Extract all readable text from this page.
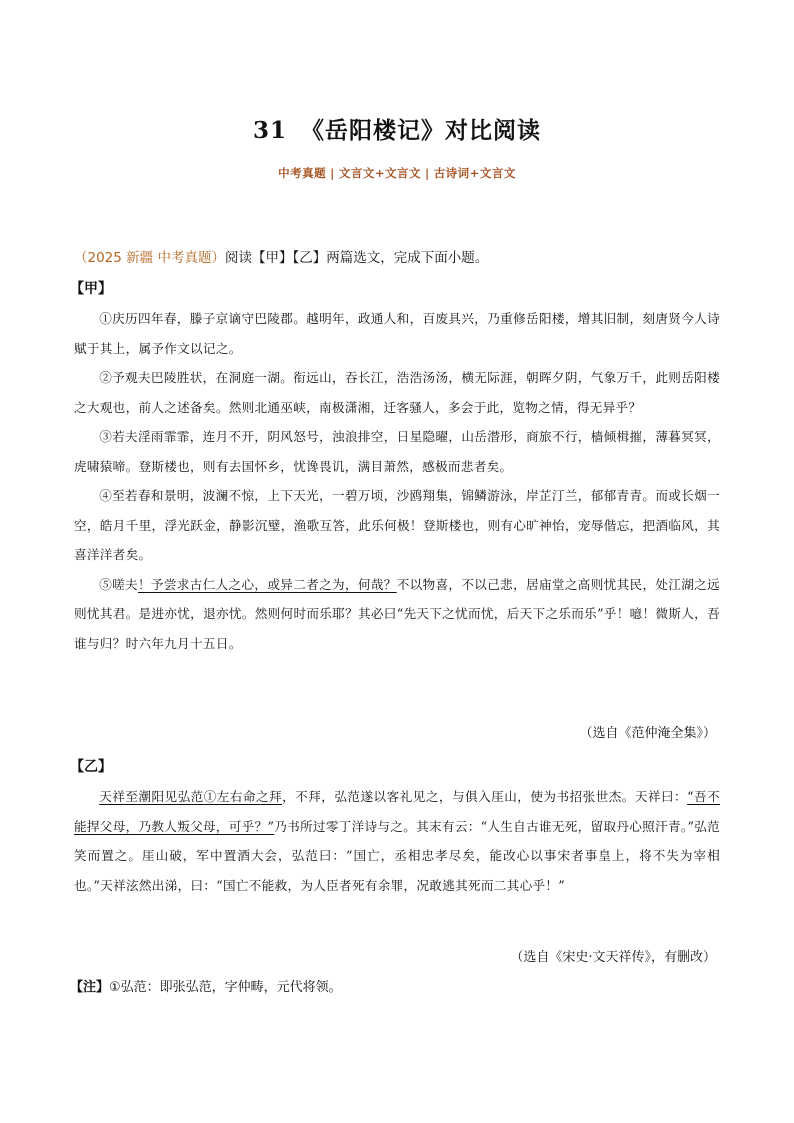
31 《岳阳楼记》对比阅读
中考真题 | 文言文+文言文 | 古诗词+文言文
（2025 新疆 中考真题）阅读【甲】【乙】两篇选文，完成下面小题。
【甲】

①庆历四年春，滕子京谪守巴陵郡。越明年，政通人和，百废具兴，乃重修岳阳楼，增其旧制，刻唐贤今人诗赋于其上，属予作文以记之。

②予观夫巴陵胜状，在洞庭一湖。衔远山，吞长江，浩浩汤汤，横无际涯，朝晖夕阴，气象万千，此则岳阳楼之大观也，前人之述备矣。然则北通巫峡，南极潇湘，迁客骚人，多会于此，览物之情，得无异乎？

③若夫淫雨霏霏，连月不开，阴风怒号，浊浪排空，日星隐曜，山岳潜形，商旅不行，樯倾楫摧，薄暮冥冥，虎啸猿啼。登斯楼也，则有去国怀乡，忧谗畏讥，满目萧然，感极而悲者矣。

④至若春和景明，波澜不惊，上下天光，一碧万顷，沙鸥翔集，锦鳞游泳，岸芷汀兰，郁郁青青。而或长烟一空，皓月千里，浮光跃金，静影沉璧，渔歌互答，此乐何极！登斯楼也，则有心旷神怡，宠辱偕忘，把酒临风，其喜洋洋者矣。

⑤嗟夫！予尝求古仁人之心，或异二者之为，何哉？不以物喜，不以己悲，居庙堂之高则忧其民，处江湖之远则忧其君。是进亦忧，退亦忧。然则何时而乐耶？其必曰“先天下之忧而忧，后天下之乐而乐”乎！噫！微斯人，吾谁与归？时六年九月十五日。

（选自《范仲淹全集》）
【乙】

天祥至潮阳见弘范①左右命之拜，不拜，弘范遂以客礼见之，与俱入厓山，使为书招张世杰。天祥曰：“吾不能捍父母，乃教人叛父母，可乎？”乃书所过零丁洋诗与之。其末有云：“人生自古谁无死，留取丹心照汗青。”弘范笑而置之。厓山破，军中置酒大会，弘范曰：“国亡，丞相忠孝尽矣，能改心以事宋者事皇上，将不失为宰相也。”天祥泫然出涕，曰：“国亡不能救，为人臣者死有余罪，况敢逃其死而二其心乎！”

（选自《宋史·文天祥传》，有删改）
【注】①弘范：即张弘范，字仲畴，元代将领。
